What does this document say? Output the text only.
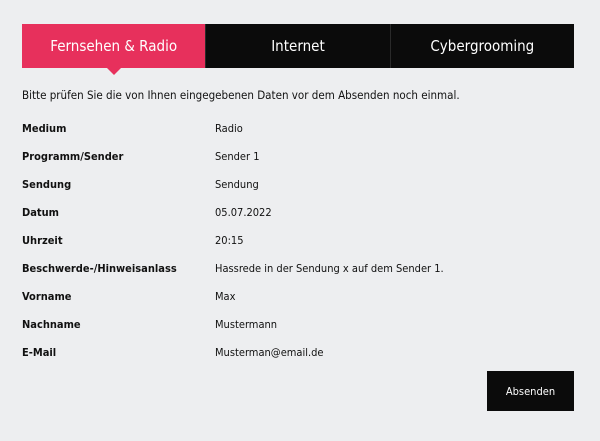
Fernsehen & Radio	Internet	Cybergrooming
Bitte prüfen Sie die von Ihnen eingegebenen Daten vor dem Absenden noch einmal.
Medium	Radio
Programm/Sender	Sender 1
Sendung	Sendung
Datum	05.07.2022
Uhrzeit	20:15
Beschwerde-/Hinweisanlass	Hassrede in der Sendung x auf dem Sender 1.
Vorname	Max
Nachname	Mustermann
E-Mail	Musterman@email.de
Absenden
